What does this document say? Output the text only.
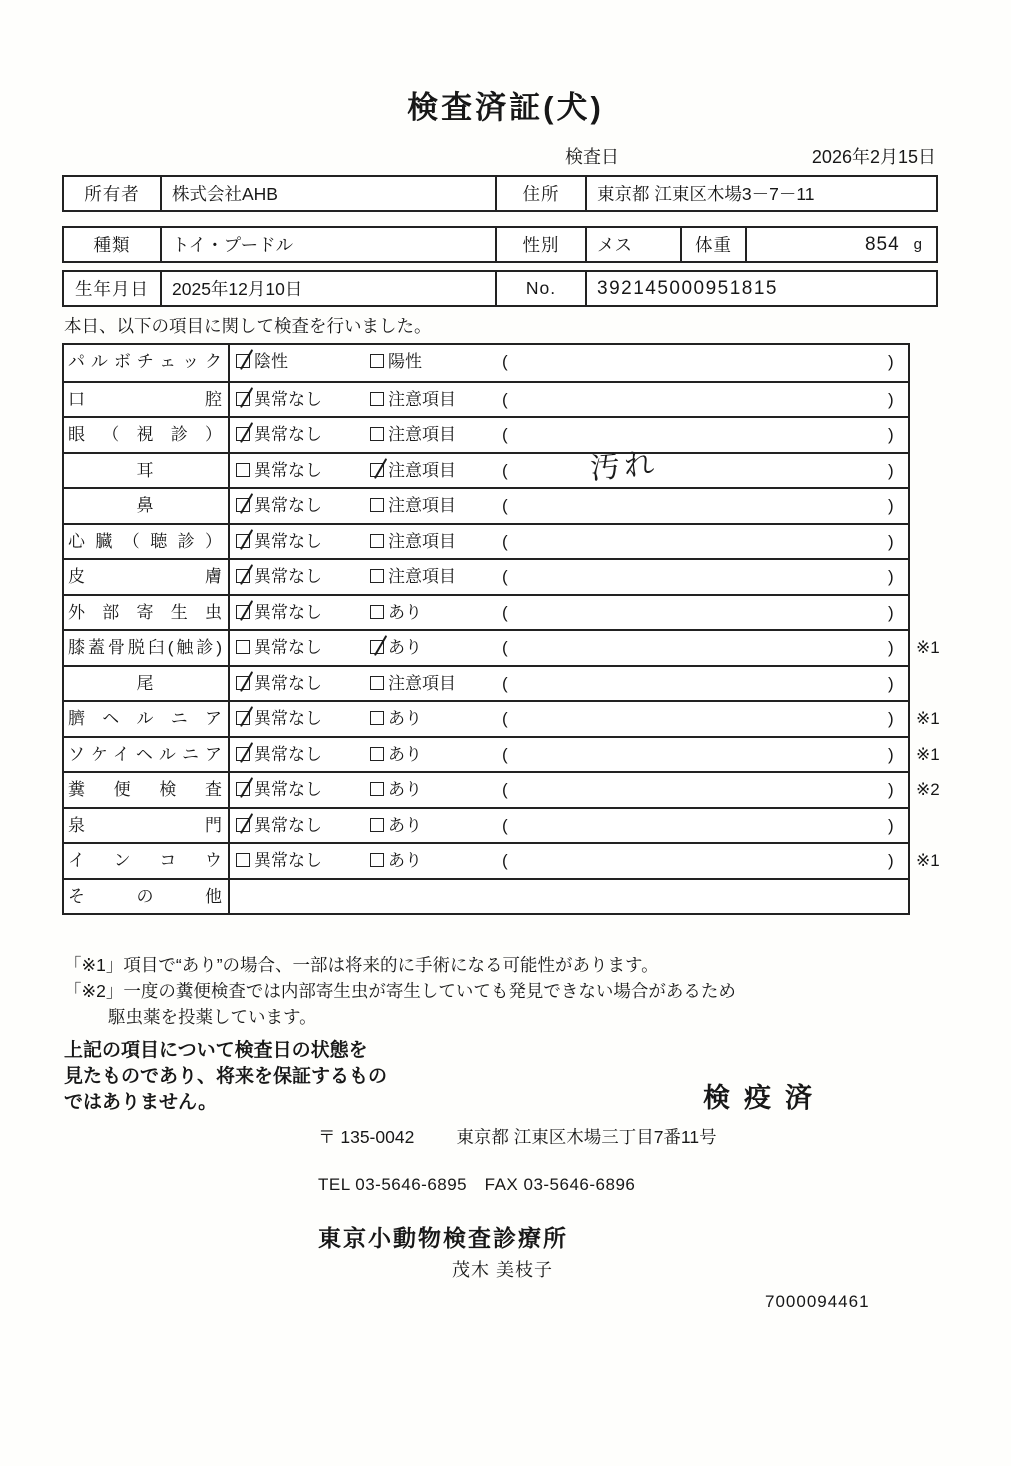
検査済証(犬)
検査日	2026年2月15日
所有者	株式会社AHB	住所	東京都 江東区木場3－7－11
種類	トイ・プードル	性別	メス	体重	854 g
生年月日	2025年12月10日	No.	392145000951815
本日、以下の項目に関して検査を行いました。
パルボチェック	陰性	陽性	(	)
口腔	異常なし	注意項目	(	)
眼（視診）	異常なし	注意項目	(	)
耳	異常なし	注意項目	(	汚れ	)
鼻	異常なし	注意項目	(	)
心臓（聴診）	異常なし	注意項目	(	)
皮膚	異常なし	注意項目	(	)
外部寄生虫	異常なし	あり	(	)
膝蓋骨脱臼(触診)	異常なし	あり	(	) ※1
尾	異常なし	注意項目	(	)
臍ヘルニア	異常なし	あり	(	) ※1
ソケイヘルニア	異常なし	あり	(	) ※1
糞便検査	異常なし	あり	(	) ※2
泉門	異常なし	あり	(	)
インコウ	異常なし	あり	(	) ※1
その他
「※1」項目で“あり”の場合、一部は将来的に手術になる可能性があります。
「※2」一度の糞便検査では内部寄生虫が寄生していても発見できない場合があるため
駆虫薬を投薬しています。
上記の項目について検査日の状態を
見たものであり、将来を保証するもの
ではありません。	検疫済
〒 135-0042 東京都 江東区木場三丁目7番11号
TEL 03-5646-6895　FAX 03-5646-6896
東京小動物検査診療所
茂木 美枝子
7000094461
